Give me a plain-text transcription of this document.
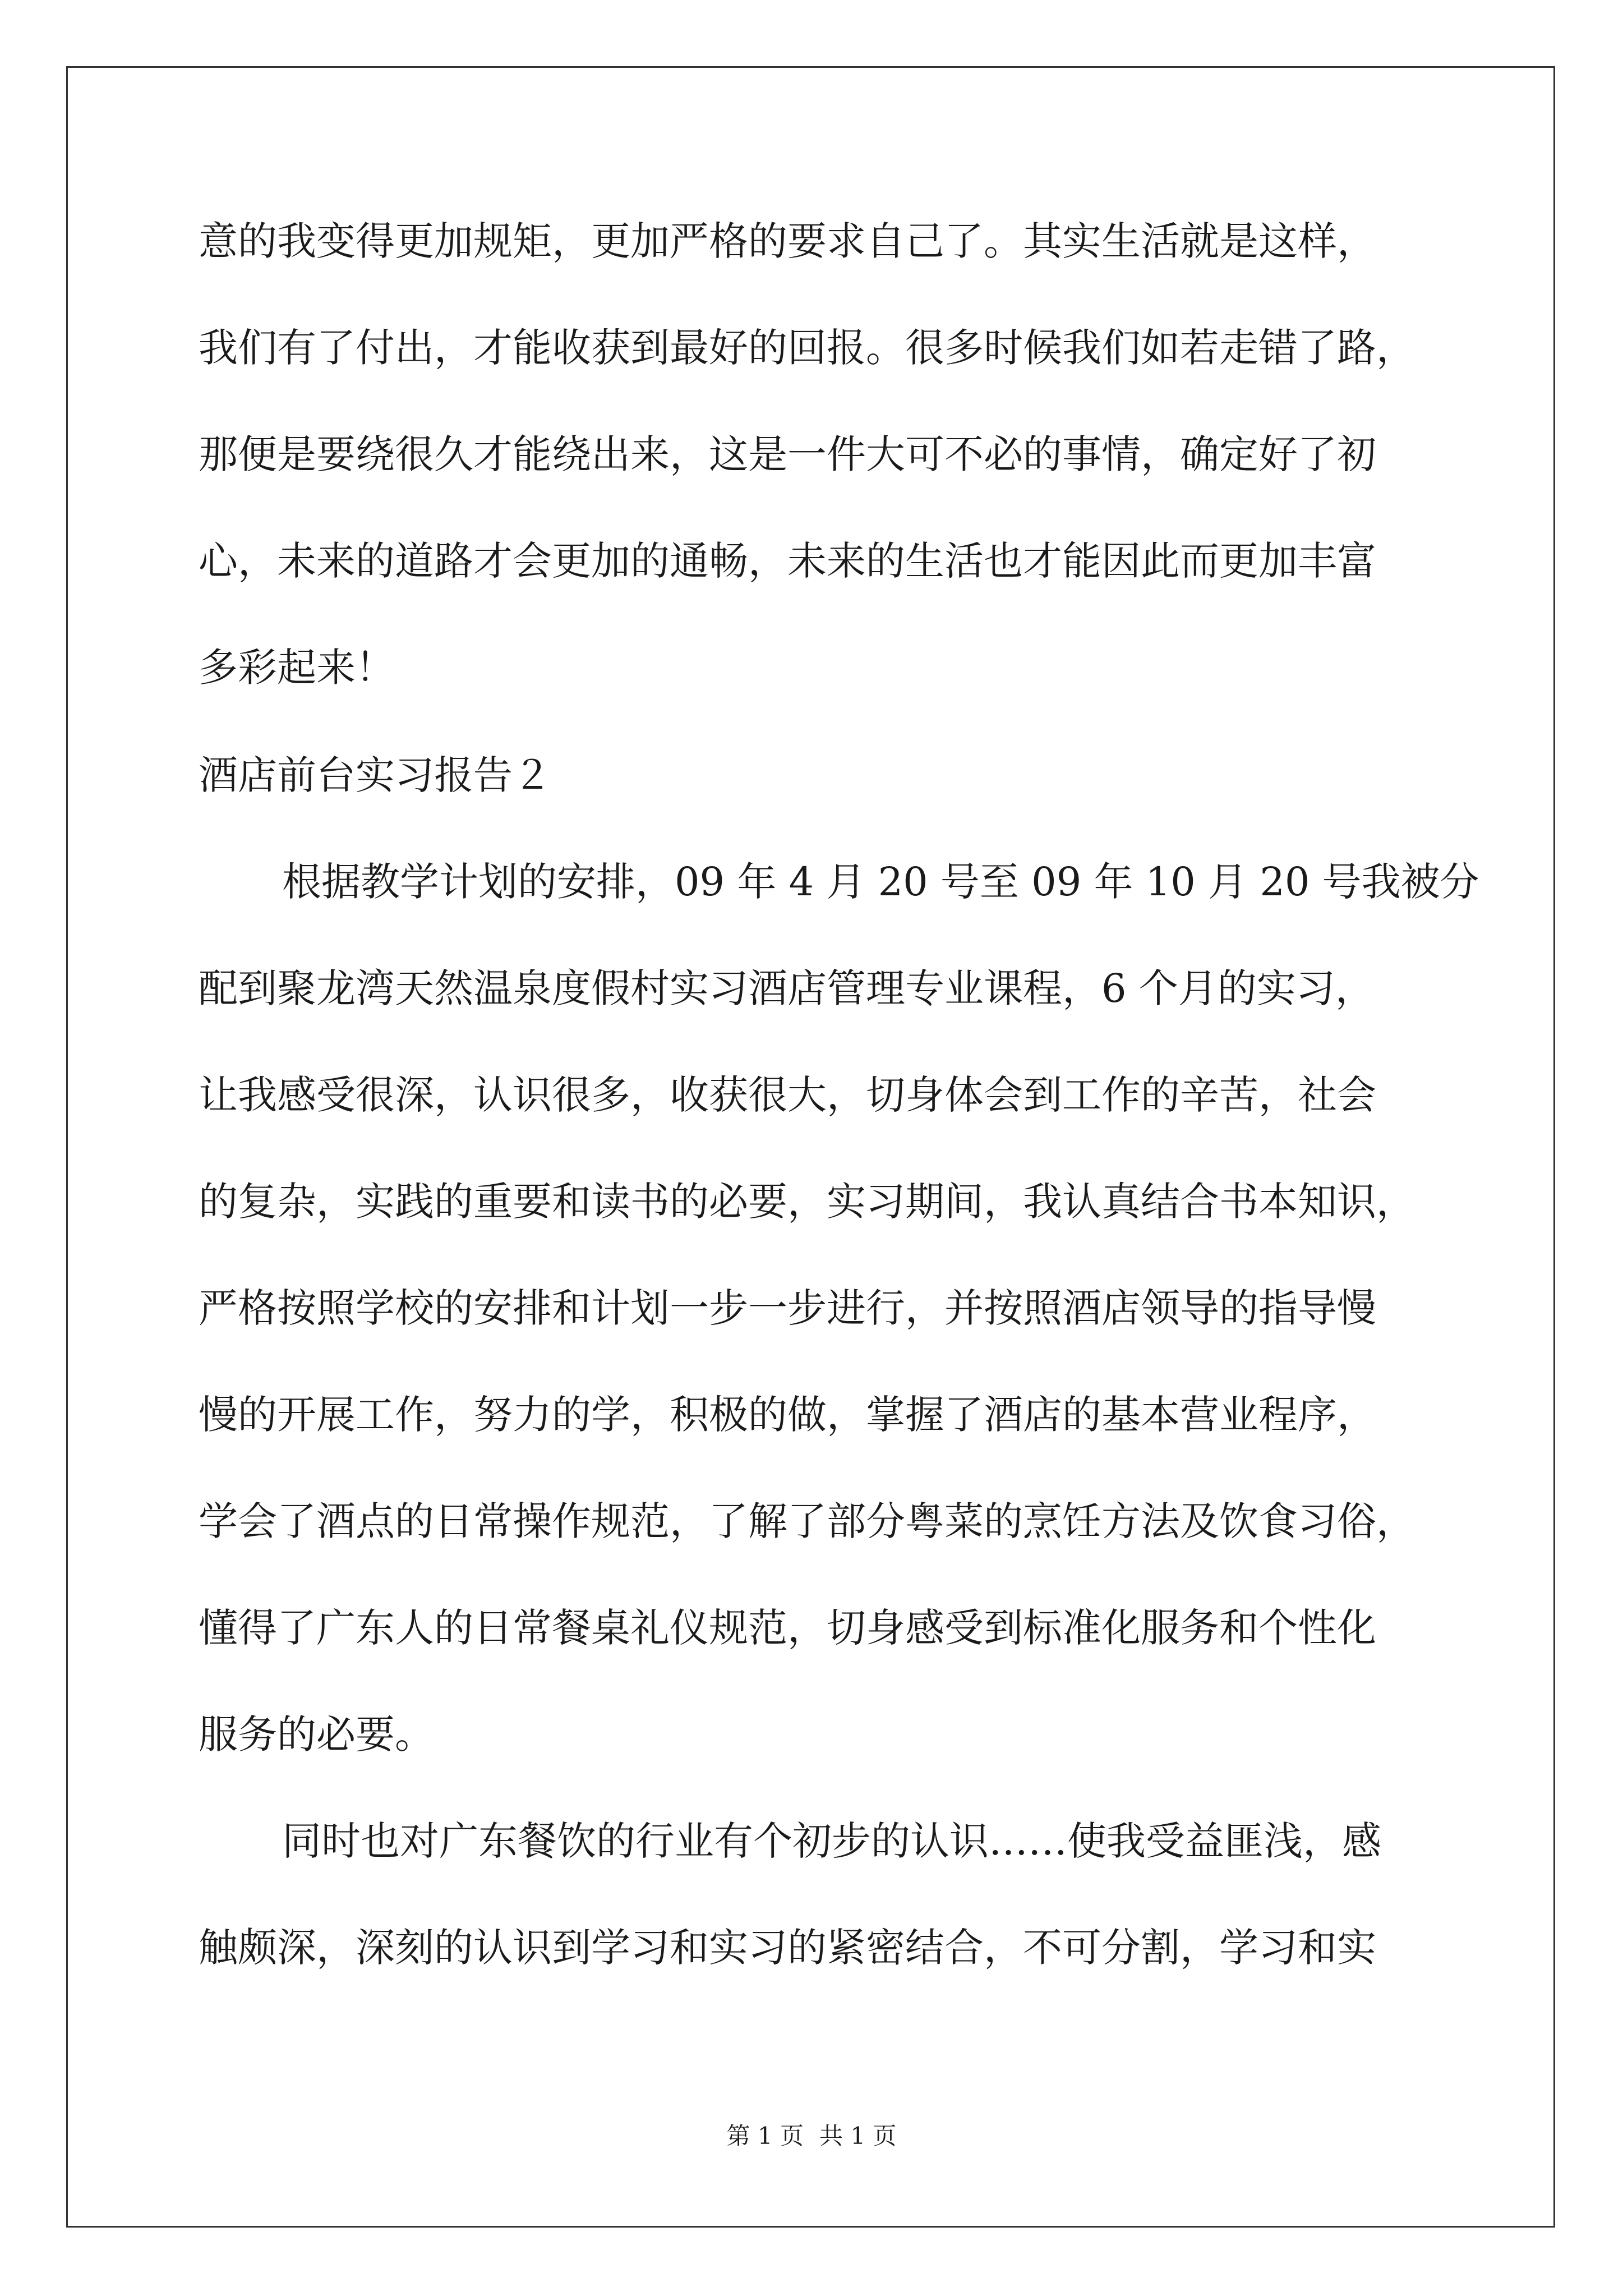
意的我变得更加规矩，更加严格的要求自己了。其实生活就是这样，
我们有了付出，才能收获到最好的回报。很多时候我们如若走错了路，
那便是要绕很久才能绕出来，这是一件大可不必的事情，确定好了初
心，未来的道路才会更加的通畅，未来的生活也才能因此而更加丰富
多彩起来！
酒店前台实习报告２
根据教学计划的安排，09 年 4 月 20 号至 09 年 10 月 20 号我被分
配到聚龙湾天然温泉度假村实习酒店管理专业课程，6 个月的实习，
让我感受很深，认识很多，收获很大，切身体会到工作的辛苦，社会
的复杂，实践的重要和读书的必要，实习期间，我认真结合书本知识，
严格按照学校的安排和计划一步一步进行，并按照酒店领导的指导慢
慢的开展工作，努力的学，积极的做，掌握了酒店的基本营业程序，
学会了酒点的日常操作规范，了解了部分粤菜的烹饪方法及饮食习俗，
懂得了广东人的日常餐桌礼仪规范，切身感受到标准化服务和个性化
服务的必要。
同时也对广东餐饮的行业有个初步的认识……使我受益匪浅，感
触颇深，深刻的认识到学习和实习的紧密结合，不可分割，学习和实
第 1 页 共 1 页
